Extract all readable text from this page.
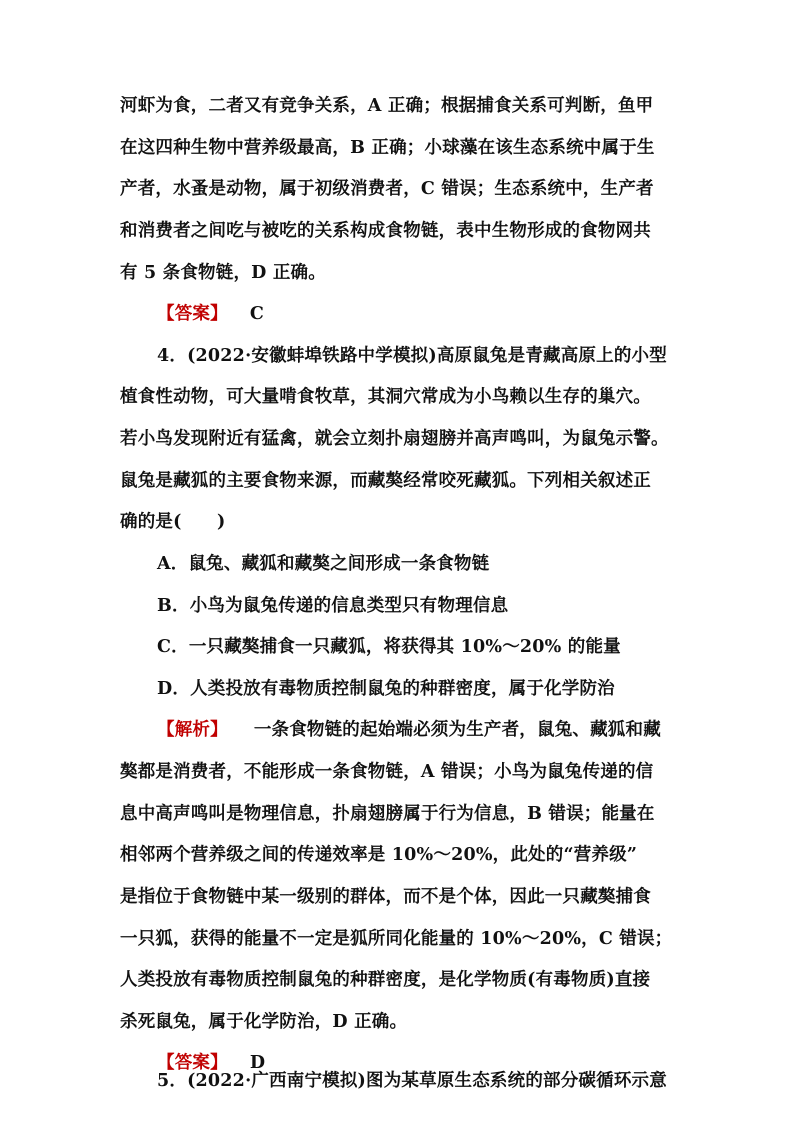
河虾为食，二者又有竞争关系，A 正确；根据捕食关系可判断，鱼甲
在这四种生物中营养级最高，B 正确；小球藻在该生态系统中属于生
产者，水蚤是动物，属于初级消费者，C 错误；生态系统中，生产者
和消费者之间吃与被吃的关系构成食物链，表中生物形成的食物网共
有 5 条食物链，D 正确。
【答案】 C
4．(2022·安徽蚌埠铁路中学模拟)高原鼠兔是青藏高原上的小型
植食性动物，可大量啃食牧草，其洞穴常成为小鸟赖以生存的巢穴。
若小鸟发现附近有猛禽，就会立刻扑扇翅膀并高声鸣叫，为鼠兔示警。
鼠兔是藏狐的主要食物来源，而藏獒经常咬死藏狐。下列相关叙述正
确的是(　　)
A．鼠兔、藏狐和藏獒之间形成一条食物链
B．小鸟为鼠兔传递的信息类型只有物理信息
C．一只藏獒捕食一只藏狐，将获得其 10%～20% 的能量
D．人类投放有毒物质控制鼠兔的种群密度，属于化学防治
【解析】 一条食物链的起始端必须为生产者，鼠兔、藏狐和藏
獒都是消费者，不能形成一条食物链，A 错误；小鸟为鼠兔传递的信
息中高声鸣叫是物理信息，扑扇翅膀属于行为信息，B 错误；能量在
相邻两个营养级之间的传递效率是 10%～20%，此处的“营养级”
是指位于食物链中某一级别的群体，而不是个体，因此一只藏獒捕食
一只狐，获得的能量不一定是狐所同化能量的 10%～20%，C 错误；
人类投放有毒物质控制鼠兔的种群密度，是化学物质(有毒物质)直接
杀死鼠兔，属于化学防治，D 正确。
【答案】 D
5．(2022·广西南宁模拟)图为某草原生态系统的部分碳循环示意
